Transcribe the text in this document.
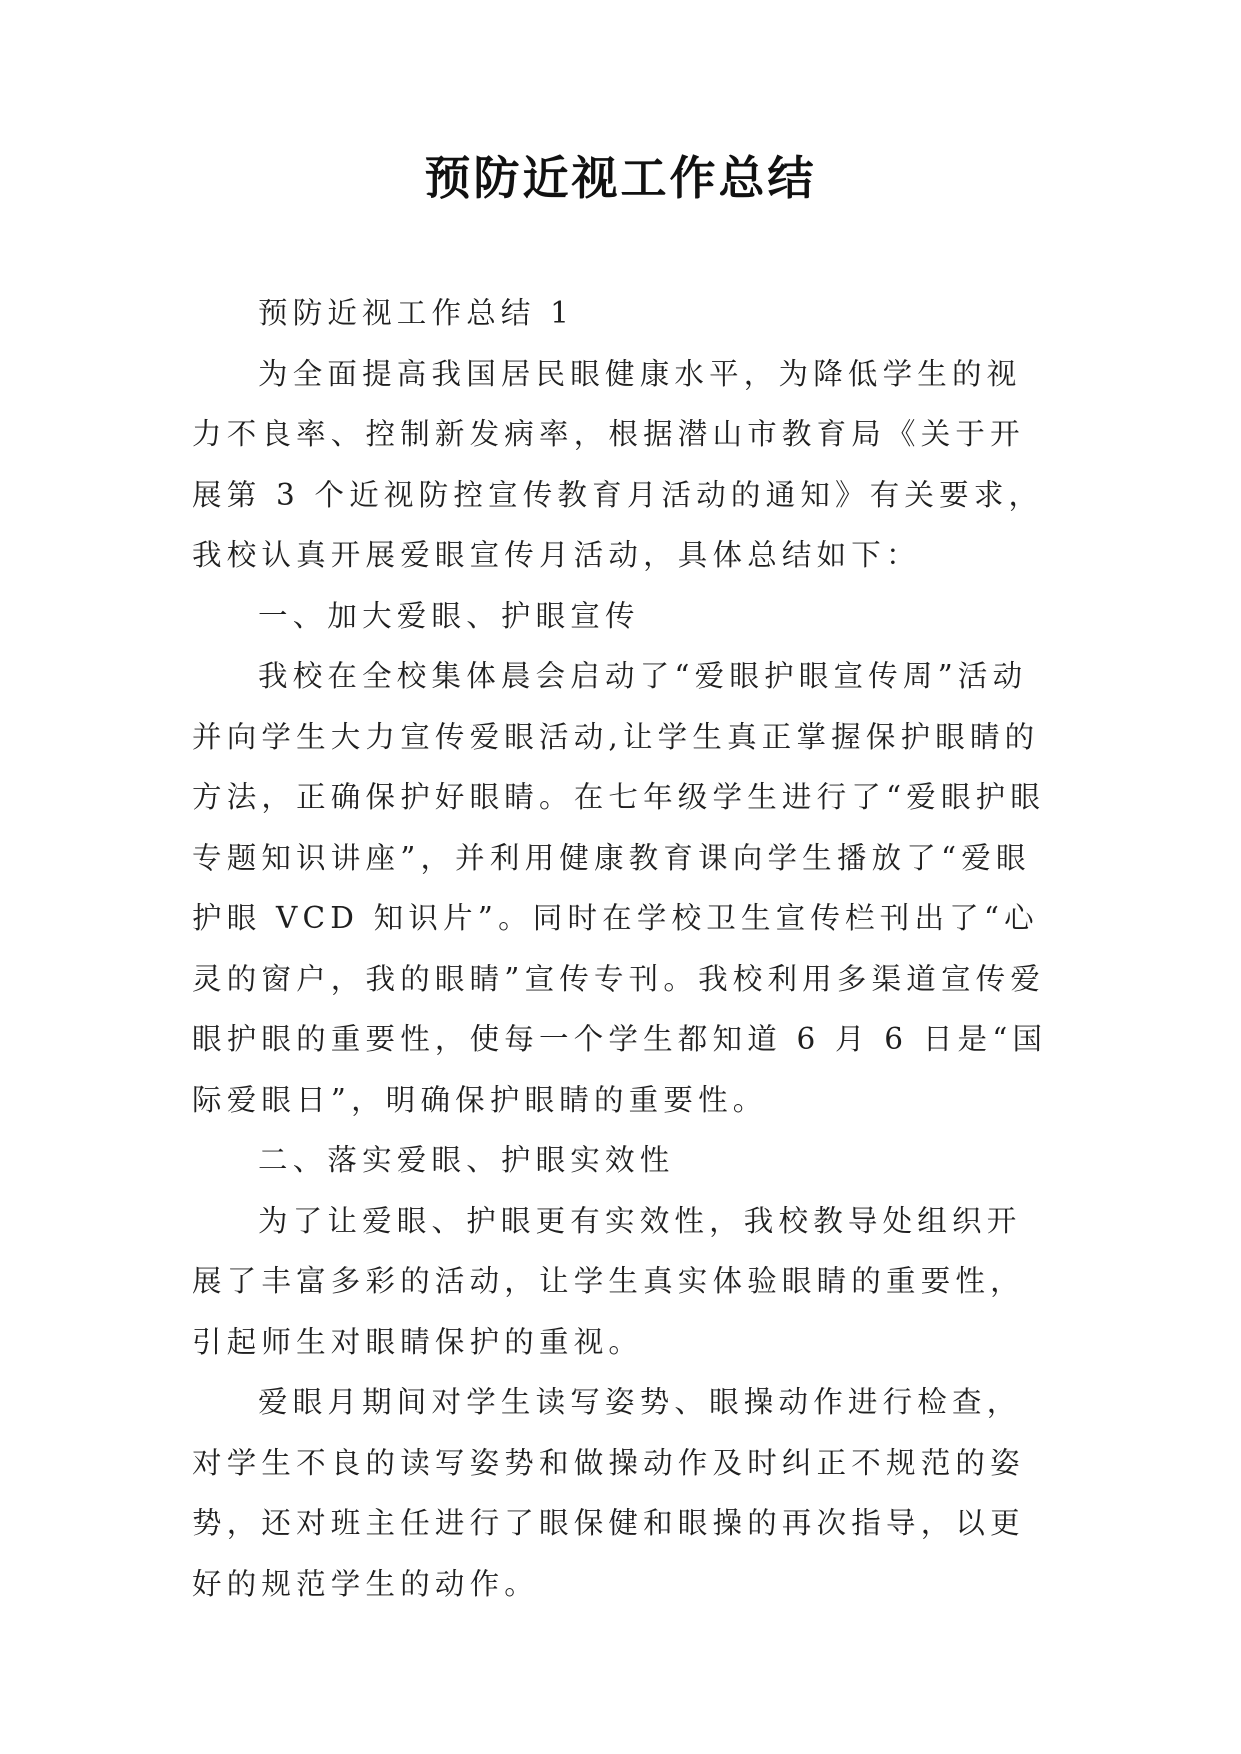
预防近视工作总结

预防近视工作总结 1

为全面提高我国居民眼健康水平，为降低学生的视力不良率、控制新发病率，根据潜山市教育局《关于开展第 3 个近视防控宣传教育月活动的通知》有关要求，我校认真开展爱眼宣传月活动，具体总结如下：

一、加大爱眼、护眼宣传

我校在全校集体晨会启动了“爱眼护眼宣传周”活动并向学生大力宣传爱眼活动,让学生真正掌握保护眼睛的方法，正确保护好眼睛。在七年级学生进行了“爱眼护眼专题知识讲座”，并利用健康教育课向学生播放了“爱眼护眼 VCD 知识片”。同时在学校卫生宣传栏刊出了“心灵的窗户，我的眼睛”宣传专刊。我校利用多渠道宣传爱眼护眼的重要性，使每一个学生都知道 6 月 6 日是“国际爱眼日”，明确保护眼睛的重要性。

二、落实爱眼、护眼实效性

为了让爱眼、护眼更有实效性，我校教导处组织开展了丰富多彩的活动，让学生真实体验眼睛的重要性，引起师生对眼睛保护的重视。

爱眼月期间对学生读写姿势、眼操动作进行检查，对学生不良的读写姿势和做操动作及时纠正不规范的姿势，还对班主任进行了眼保健和眼操的再次指导，以更好的规范学生的动作。
